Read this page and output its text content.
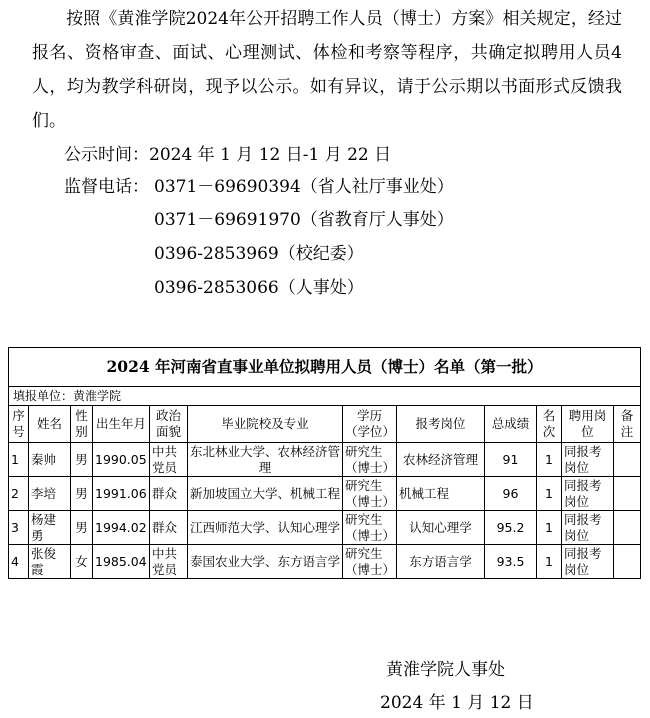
按照《黄淮学院2024年公开招聘工作人员（博士）方案》相关规定，经过报名、资格审查、面试、心理测试、体检和考察等程序，共确定拟聘用人员4人，均为教学科研岗，现予以公示。如有异议，请于公示期以书面形式反馈我们。
公示时间：2024 年 1 月 12 日-1 月 22 日
监督电话： 0371－69690394（省人社厅事业处）
0371－69691970（省教育厅人事处）
0396-2853969（校纪委）
0396-2853066（人事处）
2024 年河南省直事业单位拟聘用人员（博士）名单（第一批）											
填报单位：黄淮学院											
序号	姓名	性别	出生年月	政治面貌	毕业院校及专业	学历（学位）	报考岗位	总成绩	名次	聘用岗位	备注
1	秦帅	男	1990.05	中共党员	东北林业大学、农林经济管理	研究生（博士）	农林经济管理	91	1	同报考岗位	
2	李培	男	1991.06	群众	新加坡国立大学、机械工程	研究生（博士）	机械工程	96	1	同报考岗位	
3	杨建勇	男	1994.02	群众	江西师范大学、认知心理学	研究生（博士）	认知心理学	95.2	1	同报考岗位	
4	张俊霞	女	1985.04	中共党员	泰国农业大学、东方语言学	研究生（博士）	东方语言学	93.5	1	同报考岗位	
黄淮学院人事处
2024 年 1 月 12 日
